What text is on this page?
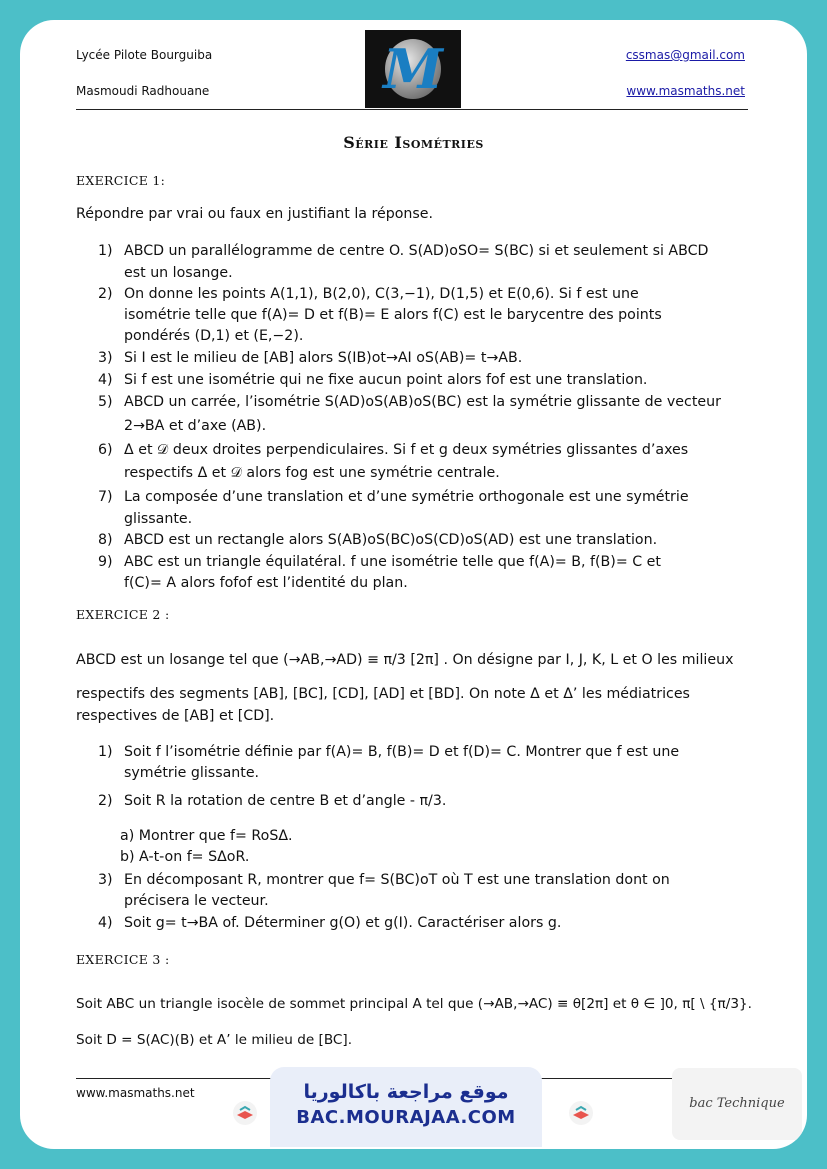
Lycée Pilote Bourguiba
Masmoudi Radhouane
cssmas@gmail.com
www.masmaths.net
M
Série Isométries
EXERCICE 1:
Répondre par vrai ou faux en justifiant la réponse.
1) ABCD un parallélogramme de centre O. S(AD)oSO= S(BC) si et seulement si ABCD
est un losange.
2) On donne les points A(1,1), B(2,0), C(3,−1), D(1,5) et E(0,6). Si f est une
isométrie telle que f(A)= D et f(B)= E alors f(C) est le barycentre des points
pondérés (D,1) et (E,−2).
3) Si I est le milieu de [AB] alors S(IB)ot→AI oS(AB)= t→AB.
4) Si f est une isométrie qui ne fixe aucun point alors fof est une translation.
5) ABCD un carrée, l’isométrie S(AD)oS(AB)oS(BC) est la symétrie glissante de vecteur
2→BA et d’axe (AB).
6) Δ et 𝒟 deux droites perpendiculaires. Si f et g deux symétries glissantes d’axes
respectifs Δ et 𝒟 alors fog est une symétrie centrale.
7) La composée d’une translation et d’une symétrie orthogonale est une symétrie
glissante.
8) ABCD est un rectangle alors S(AB)oS(BC)oS(CD)oS(AD) est une translation.
9) ABC est un triangle équilatéral. f une isométrie telle que f(A)= B, f(B)= C et
f(C)= A alors fofof est l’identité du plan.
EXERCICE 2 :
ABCD est un losange tel que (→AB,→AD) ≡ π/3 [2π] . On désigne par I, J, K, L et O les milieux
respectifs des segments [AB], [BC], [CD], [AD] et [BD]. On note Δ et Δ’ les médiatrices
respectives de [AB] et [CD].
1) Soit f l’isométrie définie par f(A)= B, f(B)= D et f(D)= C. Montrer que f est une
symétrie glissante.
2) Soit R la rotation de centre B et d’angle - π/3.
a) Montrer que f= RoSΔ.
b) A-t-on f= SΔoR.
3) En décomposant R, montrer que f= S(BC)oT où T est une translation dont on
précisera le vecteur.
4) Soit g= t→BA of. Déterminer g(O) et g(I). Caractériser alors g.
EXERCICE 3 :
Soit ABC un triangle isocèle de sommet principal A tel que (→AB,→AC) ≡ θ[2π] et θ ∈ ]0, π[ \ {π/3}.
Soit D = S(AC)(B) et A’ le milieu de [BC].
www.masmaths.net	موقع مراجعة باكالوريا
BAC.MOURAJAA.COM
bac Technique
